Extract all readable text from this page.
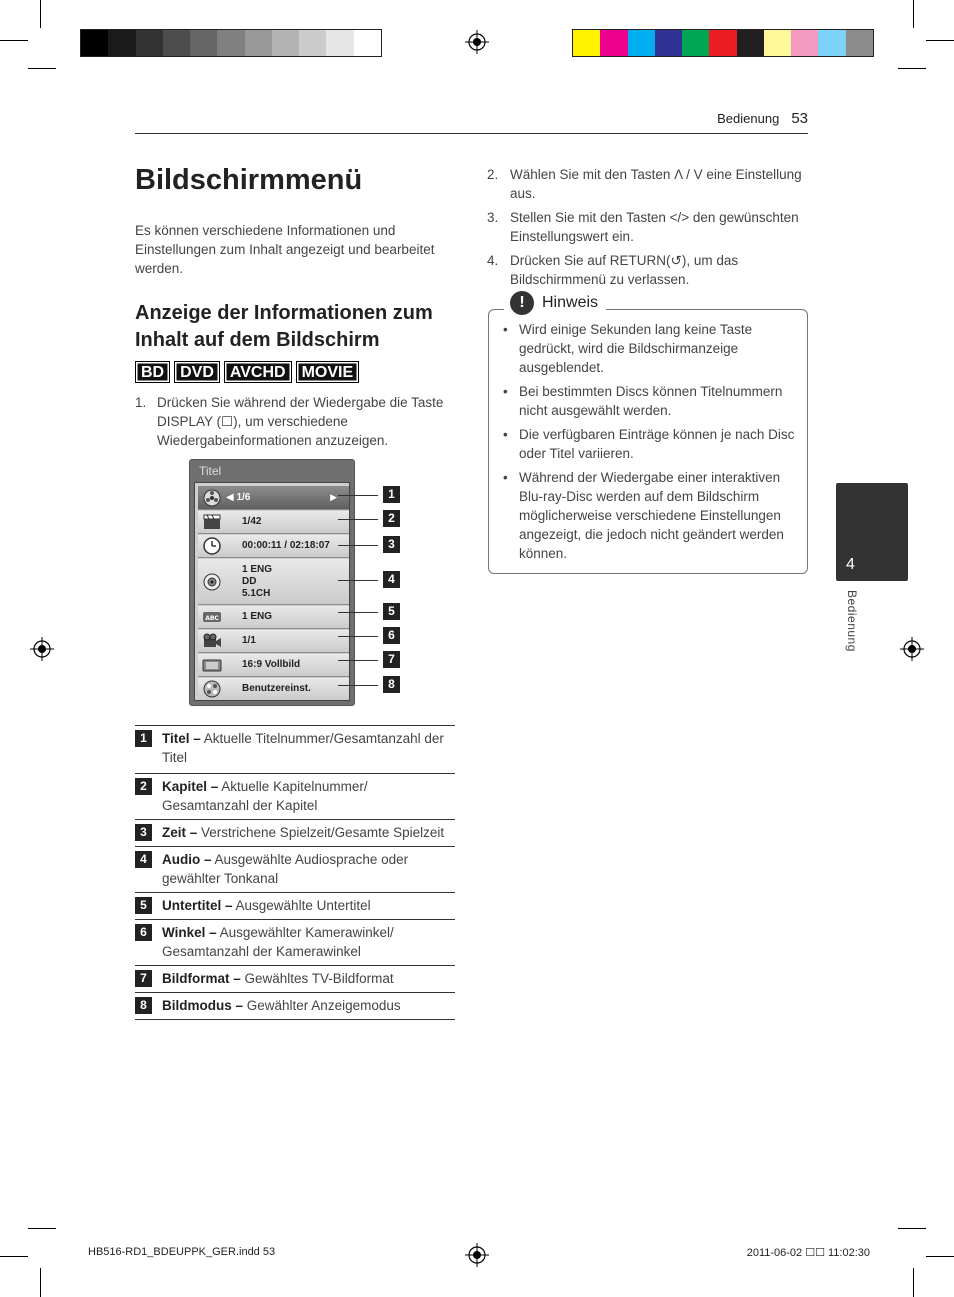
Bedienung 53
Bildschirmmenü

Es können verschiedene Informationen und Einstellungen zum Inhalt angezeigt und bearbeitet werden.

Anzeige der Informationen zum Inhalt auf dem Bildschirm
BD	DVD	AVCHD	MOVIE
1. Drücken Sie während der Wiedergabe die Taste DISPLAY (☐), um verschiedene Wiedergabeinformationen anzuzeigen.
Titel
◀ 1/6	▶
1/42
00:00:11 / 02:18:07
1 ENG
DD
5.1CH
ABC 1 ENG
1/1
16:9 Vollbild
Benutzereinst.
1
2
3
4
5
6
7
8
1	Titel – Aktuelle Titelnummer/Gesamtanzahl der Titel
2	Kapitel – Aktuelle Kapitelnummer/ Gesamtanzahl der Kapitel
3	Zeit – Verstrichene Spielzeit/Gesamte Spielzeit
4	Audio – Ausgewählte Audiosprache oder gewählter Tonkanal
5	Untertitel – Ausgewählte Untertitel
6	Winkel – Ausgewählter Kamerawinkel/ Gesamtanzahl der Kamerawinkel
7	Bildformat – Gewähltes TV-Bildformat
8	Bildmodus – Gewählter Anzeigemodus
2. Wählen Sie mit den Tasten Λ / V eine Einstellung aus.
3. Stellen Sie mit den Tasten </> den gewünschten Einstellungswert ein.
4. Drücken Sie auf RETURN(↺), um das Bildschirmmenü zu verlassen.
!	Hinweis
• Wird einige Sekunden lang keine Taste gedrückt, wird die Bildschirmanzeige ausgeblendet.
• Bei bestimmten Discs können Titelnummern nicht ausgewählt werden.
• Die verfügbaren Einträge können je nach Disc oder Titel variieren.
• Während der Wiedergabe einer interaktiven Blu-ray-Disc werden auf dem Bildschirm möglicherweise verschiedene Einstellungen angezeigt, die jedoch nicht geändert werden können.
4
Bedienung
HB516-RD1_BDEUPPK_GER.indd 53	2011-06-02 ☐☐ 11:02:30
